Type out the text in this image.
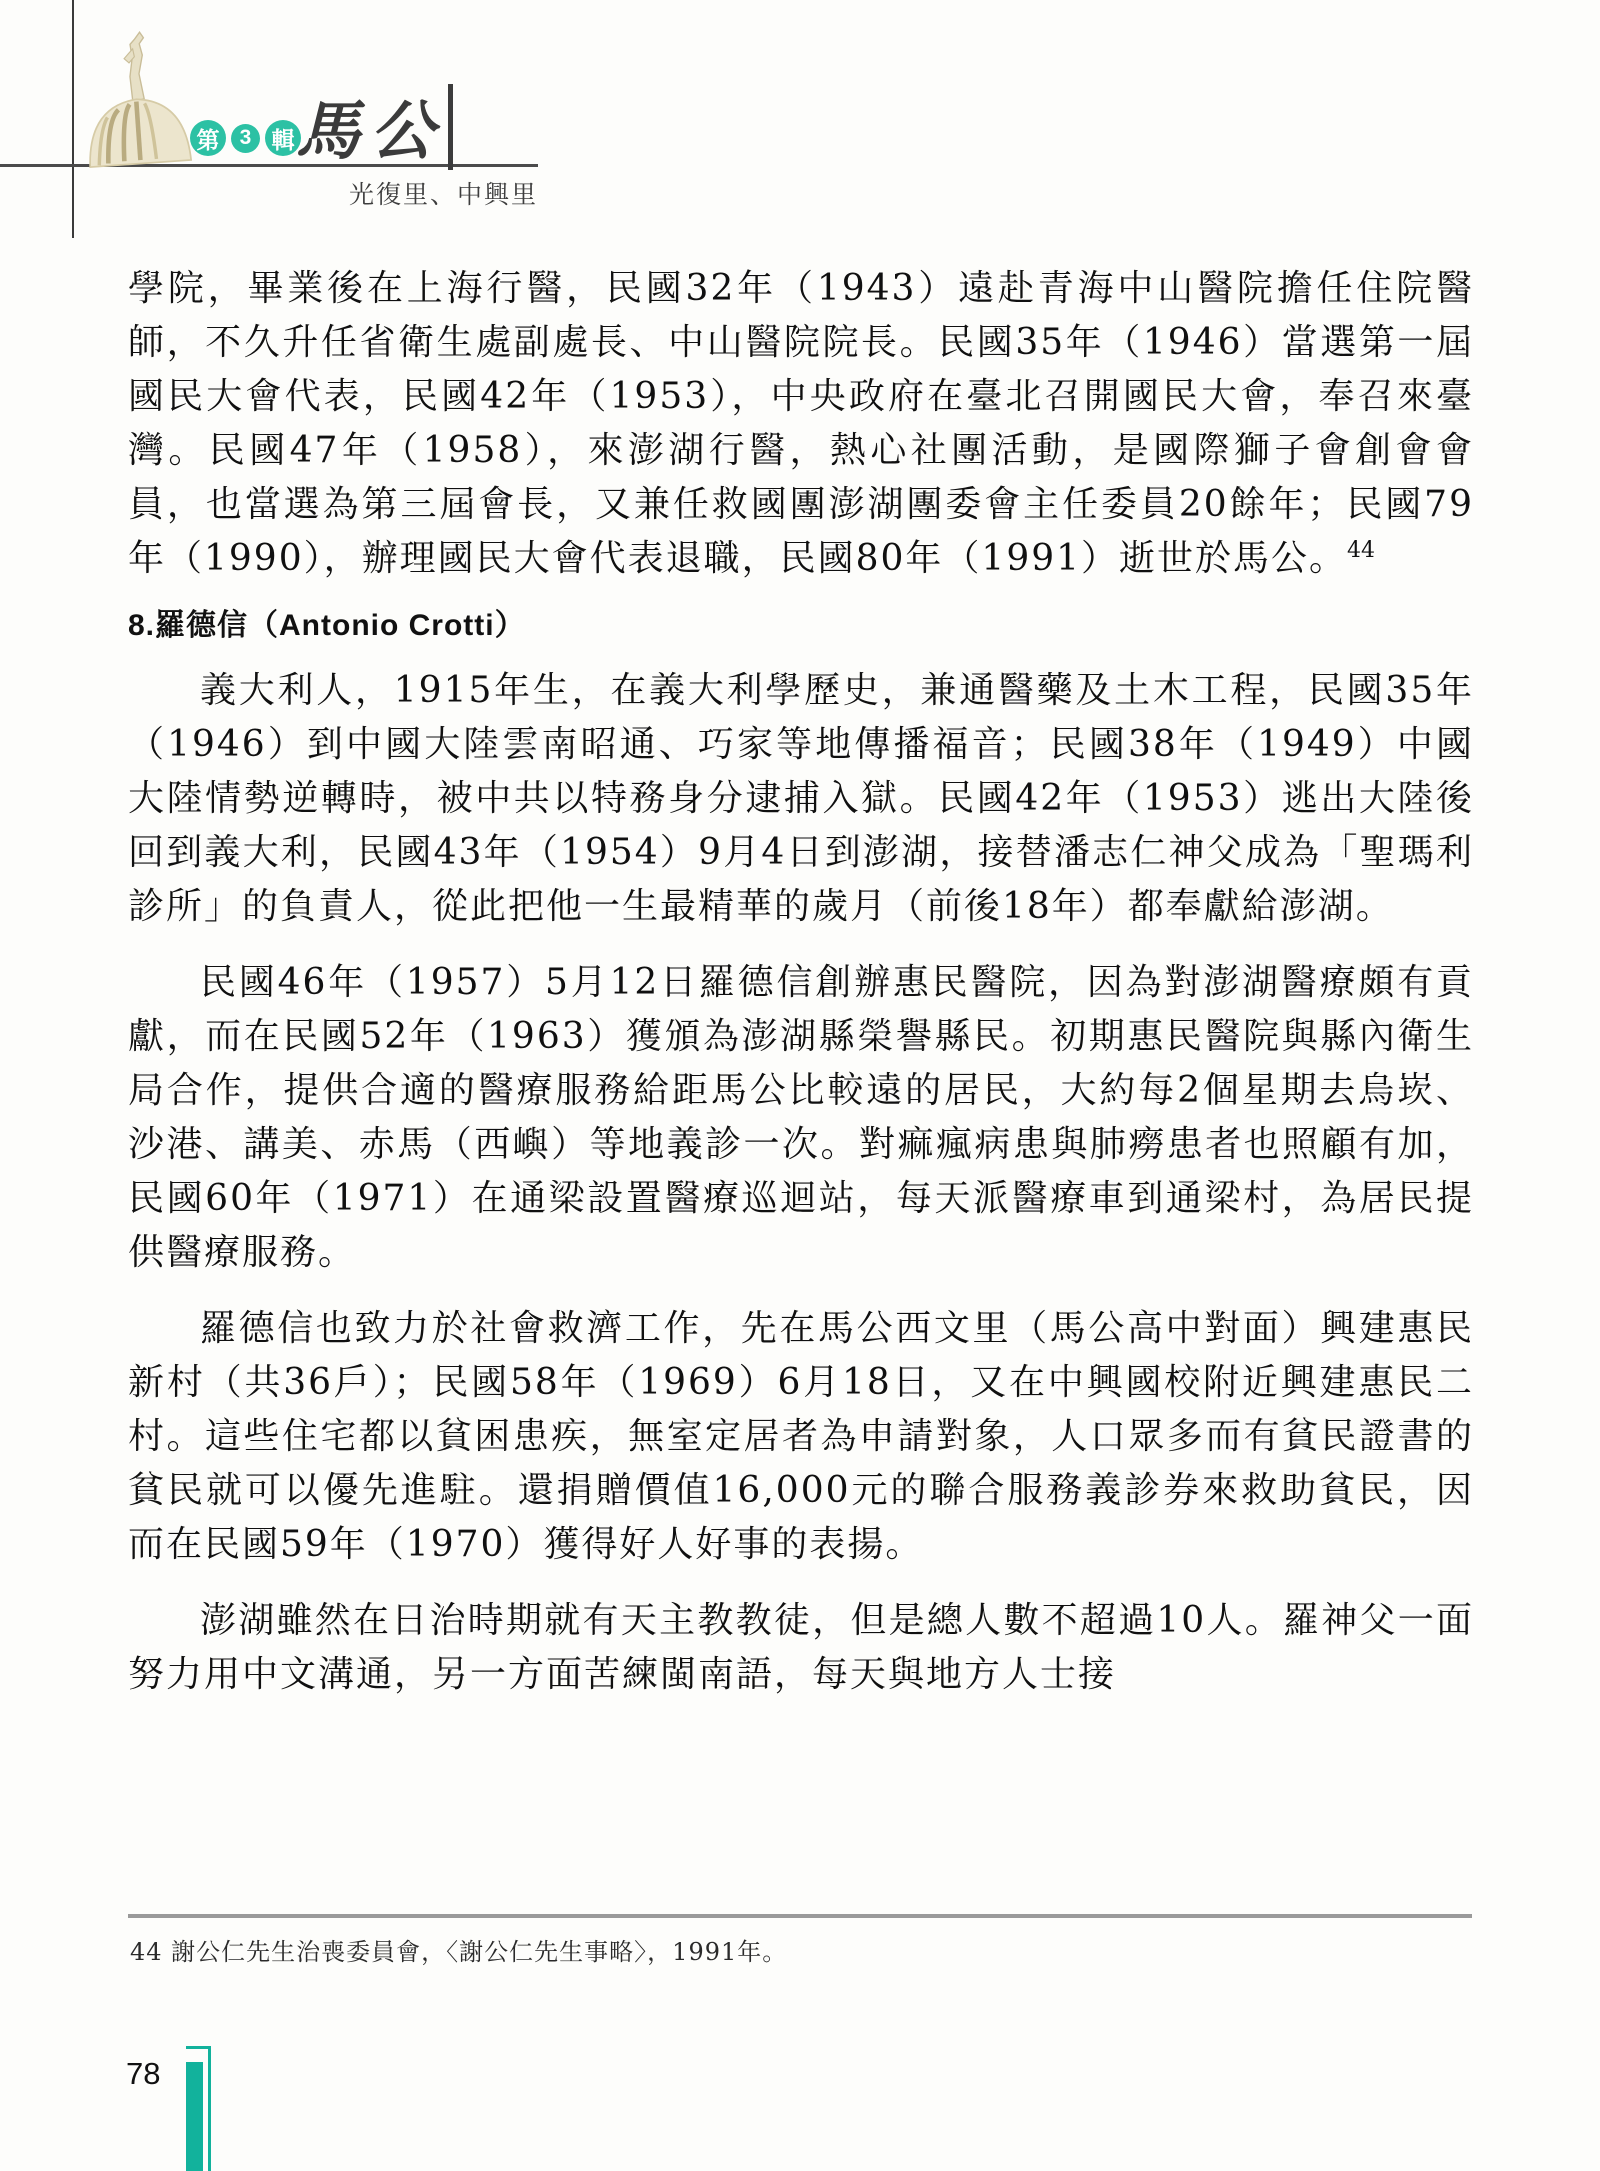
第 3 輯 馬公
光復里、中興里

學院，畢業後在上海行醫，民國32年（1943）遠赴青海中山醫院擔任住院醫師，不久升任省衛生處副處長、中山醫院院長。民國35年（1946）當選第一屆國民大會代表，民國42年（1953），中央政府在臺北召開國民大會，奉召來臺灣。民國47年（1958），來澎湖行醫，熱心社團活動，是國際獅子會創會會員，也當選為第三屆會長，又兼任救國團澎湖團委會主任委員20餘年；民國79年（1990），辦理國民大會代表退職，民國80年（1991）逝世於馬公。$^{44}$

8.羅德信（Antonio Crotti）

義大利人，1915年生，在義大利學歷史，兼通醫藥及土木工程，民國35年（1946）到中國大陸雲南昭通、巧家等地傳播福音；民國38年（1949）中國大陸情勢逆轉時，被中共以特務身分逮捕入獄。民國42年（1953）逃出大陸後回到義大利，民國43年（1954）9月4日到澎湖，接替潘志仁神父成為「聖瑪利診所」的負責人，從此把他一生最精華的歲月（前後18年）都奉獻給澎湖。

民國46年（1957）5月12日羅德信創辦惠民醫院，因為對澎湖醫療頗有貢獻，而在民國52年（1963）獲頒為澎湖縣榮譽縣民。初期惠民醫院與縣內衛生局合作，提供合適的醫療服務給距馬公比較遠的居民，大約每2個星期去烏崁、沙港、講美、赤馬（西嶼）等地義診一次。對痲瘋病患與肺癆患者也照顧有加，民國60年（1971）在通梁設置醫療巡迴站，每天派醫療車到通梁村，為居民提供醫療服務。

羅德信也致力於社會救濟工作，先在馬公西文里（馬公高中對面）興建惠民新村（共36戶）；民國58年（1969）6月18日，又在中興國校附近興建惠民二村。這些住宅都以貧困患疾，無室定居者為申請對象，人口眾多而有貧民證書的貧民就可以優先進駐。還捐贈價值16,000元的聯合服務義診券來救助貧民，因而在民國59年（1970）獲得好人好事的表揚。

澎湖雖然在日治時期就有天主教教徒，但是總人數不超過10人。羅神父一面努力用中文溝通，另一方面苦練閩南語，每天與地方人士接

44 謝公仁先生治喪委員會，〈謝公仁先生事略〉，1991年。
78
